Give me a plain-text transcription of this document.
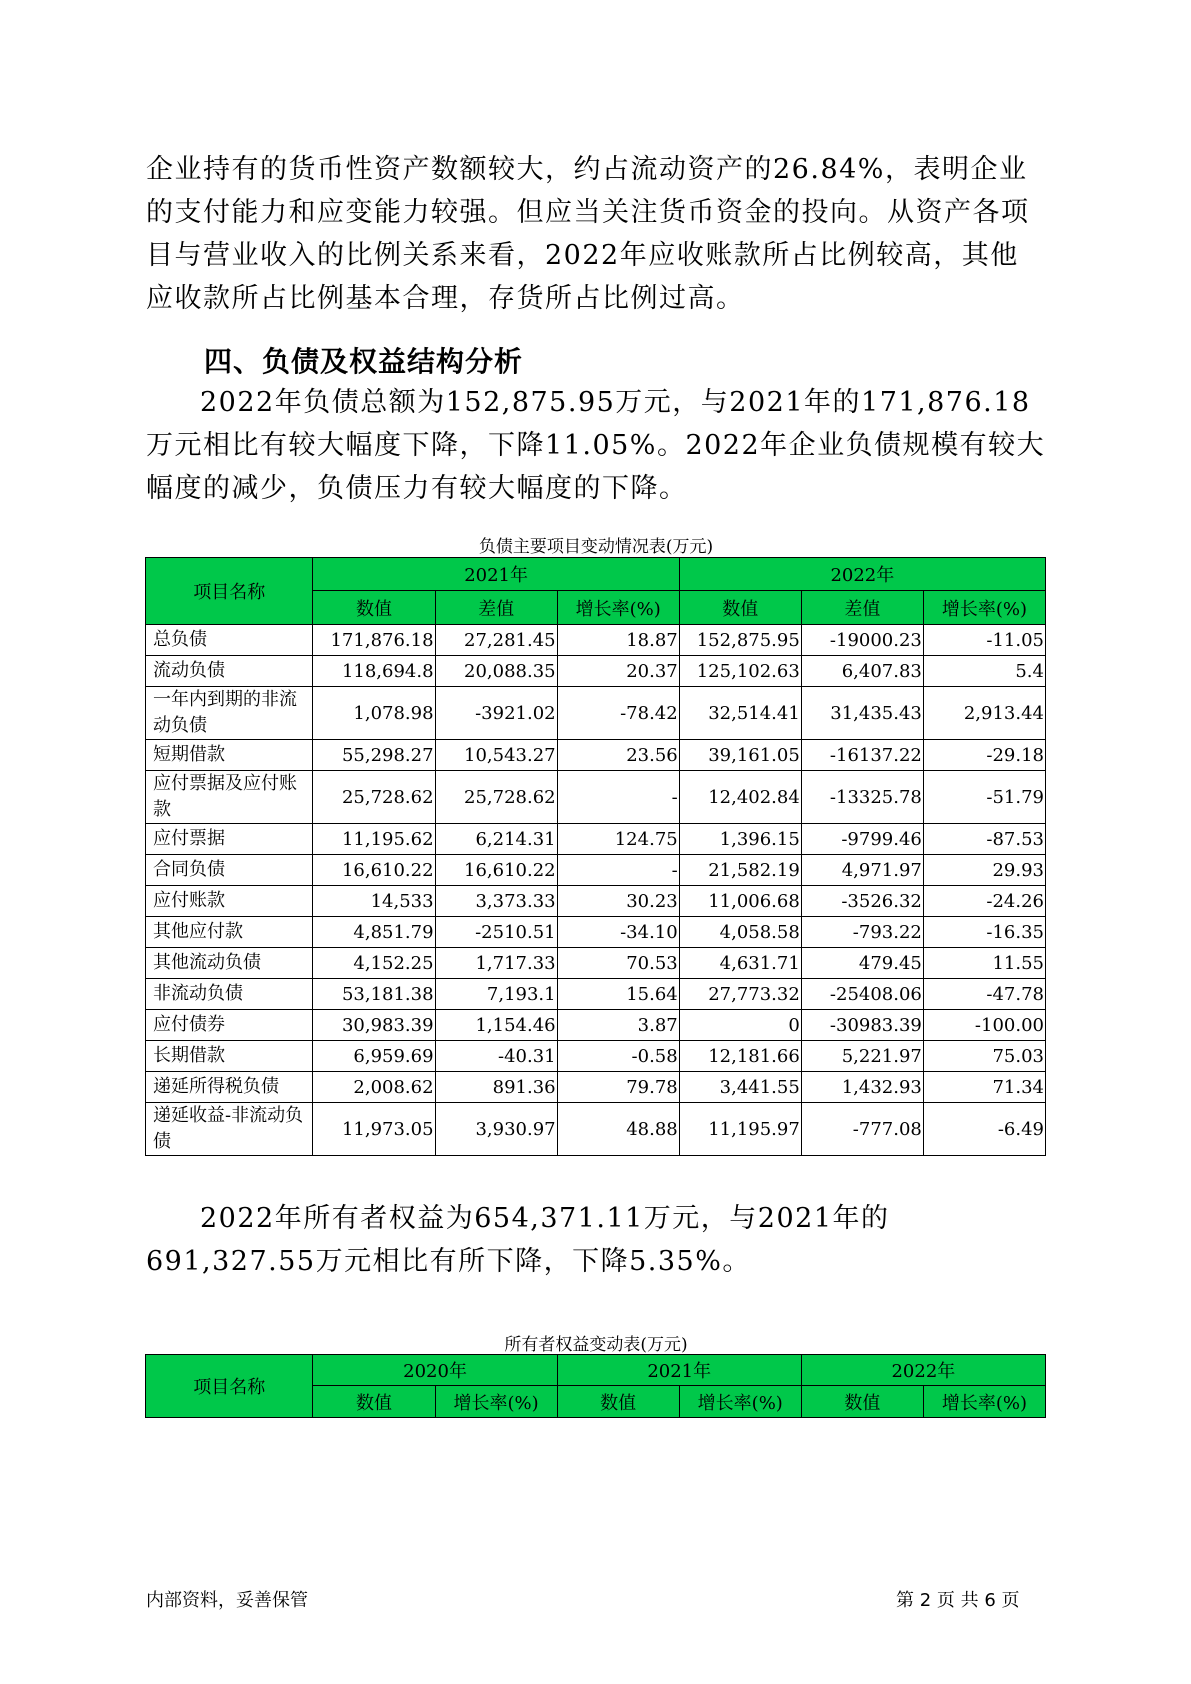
企业持有的货币性资产数额较大，约占流动资产的26.84%，表明企业的支付能力和应变能力较强。但应当关注货币资金的投向。从资产各项目与营业收入的比例关系来看，2022年应收账款所占比例较高，其他应收款所占比例基本合理，存货所占比例过高。

四、负债及权益结构分析

2022年负债总额为152,875.95万元，与2021年的171,876.18万元相比有较大幅度下降，下降11.05%。2022年企业负债规模有较大幅度的减少，负债压力有较大幅度的下降。

负债主要项目变动情况表(万元)
项目名称	2021年			2022年		
	数值	差值	增长率(%)	数值	差值	增长率(%)
总负债	171,876.18	27,281.45	18.87	152,875.95	-19000.23	-11.05
流动负债	118,694.8	20,088.35	20.37	125,102.63	6,407.83	5.4
一年内到期的非流动负债	1,078.98	-3921.02	-78.42	32,514.41	31,435.43	2,913.44
短期借款	55,298.27	10,543.27	23.56	39,161.05	-16137.22	-29.18
应付票据及应付账款	25,728.62	25,728.62	-	12,402.84	-13325.78	-51.79
应付票据	11,195.62	6,214.31	124.75	1,396.15	-9799.46	-87.53
合同负债	16,610.22	16,610.22	-	21,582.19	4,971.97	29.93
应付账款	14,533	3,373.33	30.23	11,006.68	-3526.32	-24.26
其他应付款	4,851.79	-2510.51	-34.10	4,058.58	-793.22	-16.35
其他流动负债	4,152.25	1,717.33	70.53	4,631.71	479.45	11.55
非流动负债	53,181.38	7,193.1	15.64	27,773.32	-25408.06	-47.78
应付债券	30,983.39	1,154.46	3.87	0	-30983.39	-100.00
长期借款	6,959.69	-40.31	-0.58	12,181.66	5,221.97	75.03
递延所得税负债	2,008.62	891.36	79.78	3,441.55	1,432.93	71.34
递延收益-非流动负债	11,973.05	3,930.97	48.88	11,195.97	-777.08	-6.49

2022年所有者权益为654,371.11万元，与2021年的691,327.55万元相比有所下降，下降5.35%。

所有者权益变动表(万元)
项目名称	2020年		2021年		2022年	
	数值	增长率(%)	数值	增长率(%)	数值	增长率(%)
内部资料，妥善保管	第 2 页 共 6 页
